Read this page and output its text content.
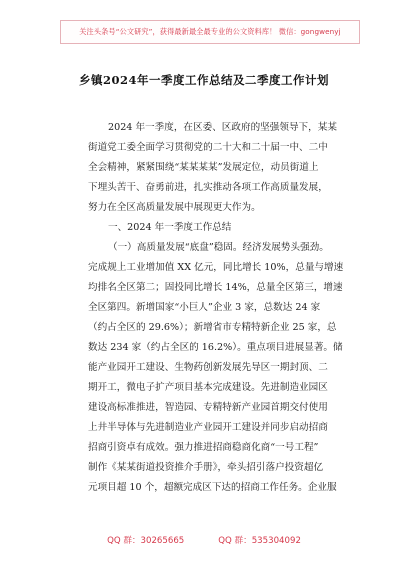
关注头条号“公文研究”，获得最新最全最专业的公文资料库！ 微信：gongwenyj
乡镇2024年一季度工作总结及二季度工作计划
2024 年一季度，在区委、区政府的坚强领导下，某某
街道党工委全面学习贯彻党的二十大和二十届一中、二中
全会精神，紧紧围绕“某某某某”发展定位，动员街道上
下埋头苦干、奋勇前进，扎实推动各项工作高质量发展，
努力在全区高质量发展中展现更大作为。
一、2024 年一季度工作总结
（一）高质量发展“底盘”稳固。经济发展势头强劲。
完成规上工业增加值 XX 亿元，同比增长 10%，总量与增速
均排名全区第二；固投同比增长 14%，总量全区第三，增速
全区第四。新增国家“小巨人”企业 3 家，总数达 24 家
（约占全区的 29.6%）；新增省市专精特新企业 25 家，总
数达 234 家（约占全区的 16.2%）。重点项目进展显著。储
能产业园开工建设、生物药创新发展先导区一期封顶、二
期开工，微电子扩产项目基本完成建设。先进制造业园区
建设高标准推进，智造园、专精特新产业园首期交付使用
上井半导体与先进制造业产业园开工建设并同步启动招商
招商引资卓有成效。强力推进招商稳商化商“一号工程”
制作《某某街道投资推介手册》，牵头招引落户投资超亿
元项目超 10 个，超额完成区下达的招商工作任务。企业服
QQ 群：30265665	QQ 群：535304092
